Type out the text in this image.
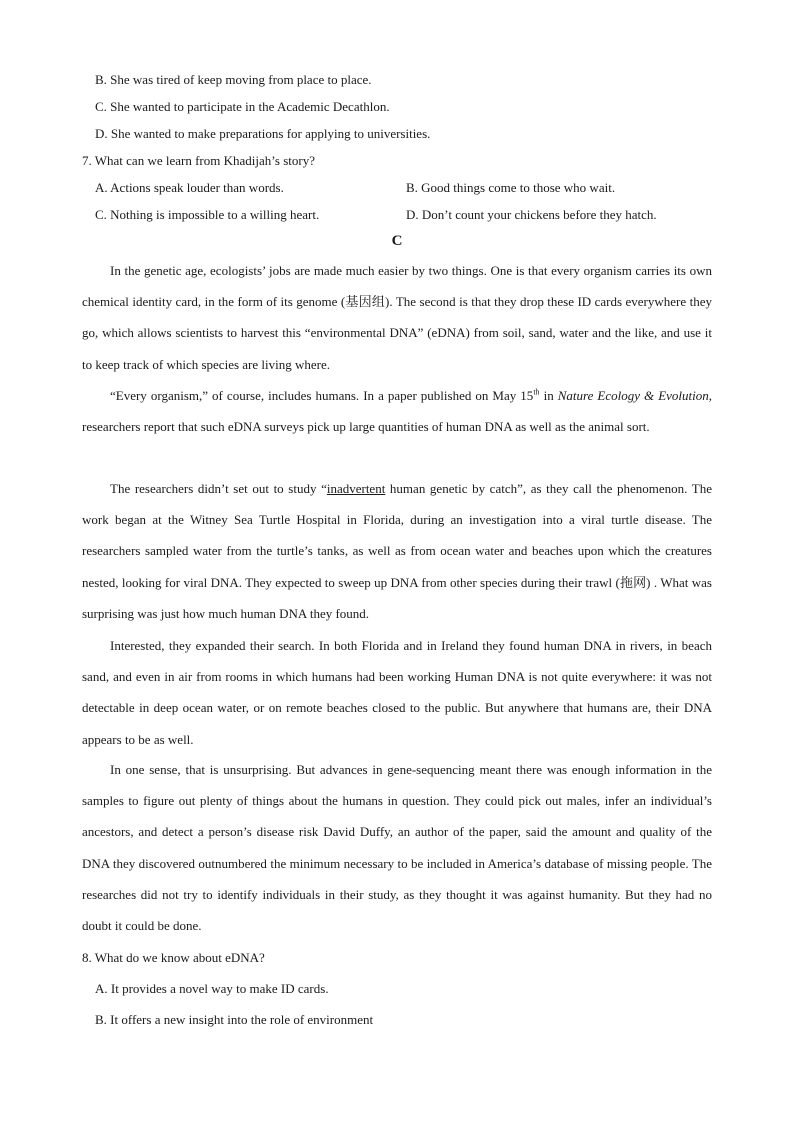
B. She was tired of keep moving from place to place.
C. She wanted to participate in the Academic Decathlon.
D. She wanted to make preparations for applying to universities.
7. What can we learn from Khadijah’s story?
A. Actions speak louder than words.	B. Good things come to those who wait.
C. Nothing is impossible to a willing heart.	D. Don’t count your chickens before they hatch.
C

In the genetic age, ecologists’ jobs are made much easier by two things. One is that every organism carries its own chemical identity card, in the form of its genome (基因组). The second is that they drop these ID cards everywhere they go, which allows scientists to harvest this “environmental DNA” (eDNA) from soil, sand, water and the like, and use it to keep track of which species are living where.

“Every organism,” of course, includes humans. In a paper published on May 15th in Nature Ecology & Evolution, researchers report that such eDNA surveys pick up large quantities of human DNA as well as the animal sort.

The researchers didn’t set out to study “inadvertent human genetic by catch”, as they call the phenomenon. The work began at the Witney Sea Turtle Hospital in Florida, during an investigation into a viral turtle disease. The researchers sampled water from the turtle’s tanks, as well as from ocean water and beaches upon which the creatures nested, looking for viral DNA. They expected to sweep up DNA from other species during their trawl (拖网) . What was surprising was just how much human DNA they found.

Interested, they expanded their search. In both Florida and in Ireland they found human DNA in rivers, in beach sand, and even in air from rooms in which humans had been working Human DNA is not quite everywhere: it was not detectable in deep ocean water, or on remote beaches closed to the public. But anywhere that humans are, their DNA appears to be as well.

In one sense, that is unsurprising. But advances in gene-sequencing meant there was enough information in the samples to figure out plenty of things about the humans in question. They could pick out males, infer an individual’s ancestors, and detect a person’s disease risk David Duffy, an author of the paper, said the amount and quality of the DNA they discovered outnumbered the minimum necessary to be included in America’s database of missing people. The researches did not try to identify individuals in their study, as they thought it was against humanity. But they had no doubt it could be done.

8. What do we know about eDNA?
A. It provides a novel way to make ID cards.
B. It offers a new insight into the role of environment
